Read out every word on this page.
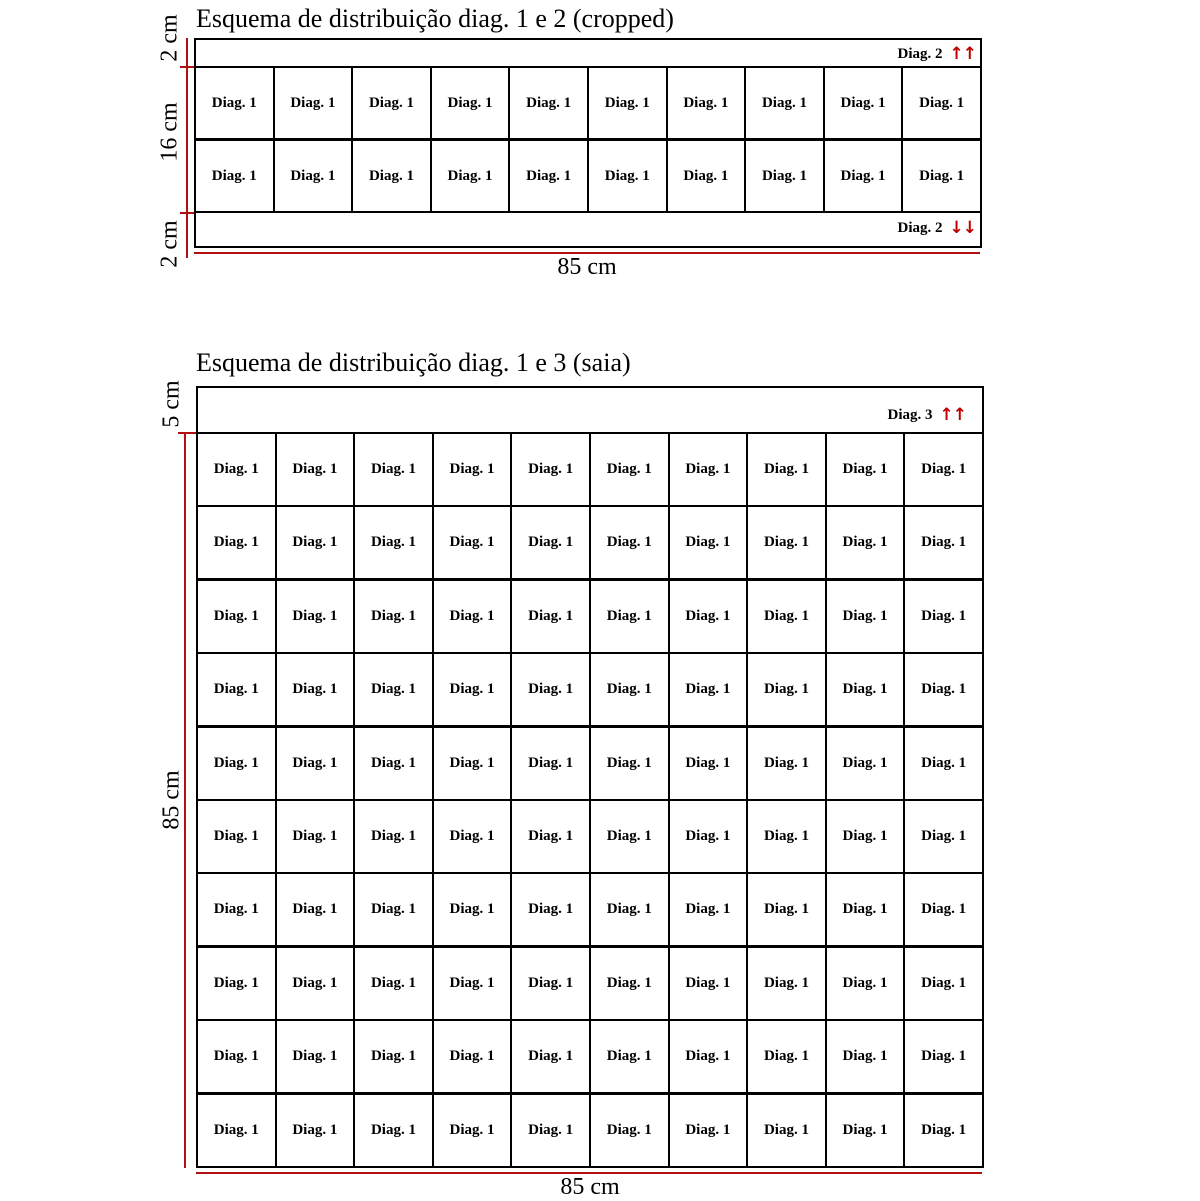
Esquema de distribuição diag. 1 e 2 (cropped)
Diag. 2 ↑↑
Diag. 1	Diag. 1	Diag. 1	Diag. 1	Diag. 1	Diag. 1	Diag. 1	Diag. 1	Diag. 1	Diag. 1
Diag. 1	Diag. 1	Diag. 1	Diag. 1	Diag. 1	Diag. 1	Diag. 1	Diag. 1	Diag. 1	Diag. 1
Diag. 2 ↓↓
85 cm
2 cm
16 cm
2 cm
Esquema de distribuição diag. 1 e 3 (saia)
Diag. 3 ↑↑
Diag. 1	Diag. 1	Diag. 1	Diag. 1	Diag. 1	Diag. 1	Diag. 1	Diag. 1	Diag. 1	Diag. 1
Diag. 1	Diag. 1	Diag. 1	Diag. 1	Diag. 1	Diag. 1	Diag. 1	Diag. 1	Diag. 1	Diag. 1
Diag. 1	Diag. 1	Diag. 1	Diag. 1	Diag. 1	Diag. 1	Diag. 1	Diag. 1	Diag. 1	Diag. 1
Diag. 1	Diag. 1	Diag. 1	Diag. 1	Diag. 1	Diag. 1	Diag. 1	Diag. 1	Diag. 1	Diag. 1
Diag. 1	Diag. 1	Diag. 1	Diag. 1	Diag. 1	Diag. 1	Diag. 1	Diag. 1	Diag. 1	Diag. 1
Diag. 1	Diag. 1	Diag. 1	Diag. 1	Diag. 1	Diag. 1	Diag. 1	Diag. 1	Diag. 1	Diag. 1
Diag. 1	Diag. 1	Diag. 1	Diag. 1	Diag. 1	Diag. 1	Diag. 1	Diag. 1	Diag. 1	Diag. 1
Diag. 1	Diag. 1	Diag. 1	Diag. 1	Diag. 1	Diag. 1	Diag. 1	Diag. 1	Diag. 1	Diag. 1
Diag. 1	Diag. 1	Diag. 1	Diag. 1	Diag. 1	Diag. 1	Diag. 1	Diag. 1	Diag. 1	Diag. 1
Diag. 1	Diag. 1	Diag. 1	Diag. 1	Diag. 1	Diag. 1	Diag. 1	Diag. 1	Diag. 1	Diag. 1
85 cm
5 cm
85 cm
